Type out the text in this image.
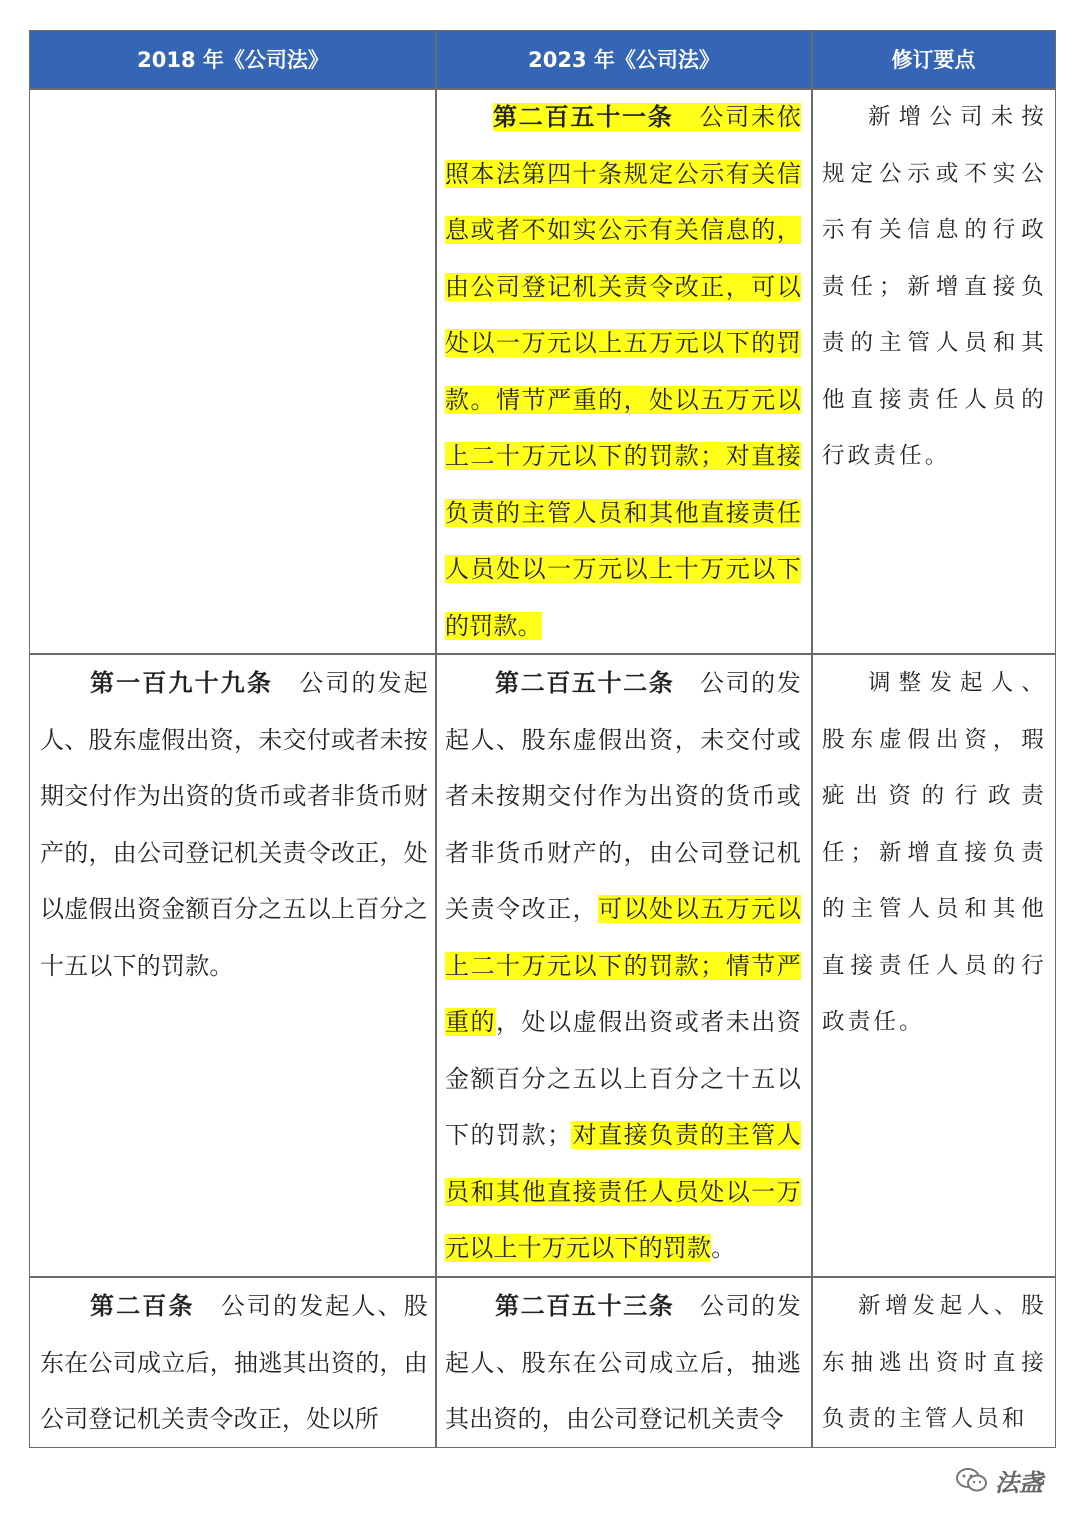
2018 年《公司法》	2023 年《公司法》	修订要点
第二百五十一条　 公司未依照本法第四十条规定公示有关信息或者不如实公示有关信息的，由公司登记机关责令改正，可以处以一万元以上五万元以下的罚款。情节严重的，处以五万元以上二十万元以下的罚款；对直接负责的主管人员和其他直接责任人员处以一万元以上十万元以下的罚款。
新增公司未按规定公示或不实公示有关信息的行政责任；新增直接负责的主管人员和其他直接责任人员的行政责任。
第一百九十九条　 公司的发起人、股东虚假出资，未交付或者未按期交付作为出资的货币或者非货币财产的，由公司登记机关责令改正，处以虚假出资金额百分之五以上百分之十五以下的罚款。
第二百五十二条　 公司的发起人、股东虚假出资，未交付或者未按期交付作为出资的货币或者非货币财产的，由公司登记机关责令改正，可以处以五万元以上二十万元以下的罚款；情节严重的，处以虚假出资或者未出资金额百分之五以上百分之十五以下的罚款；对直接负责的主管人员和其他直接责任人员处以一万元以上十万元以下的罚款。
调整发起人、股东虚假出资，瑕疵出资的行政责任；新增直接负责的主管人员和其他直接责任人员的行政责任。
第二百条　 公司的发起人、股东在公司成立后，抽逃其出资的，由公司登记机关责令改正，处以所
第二百五十三条　 公司的发起人、股东在公司成立后，抽逃其出资的，由公司登记机关责令
新增发起人、股东抽逃出资时直接负责的主管人员和
法盏
